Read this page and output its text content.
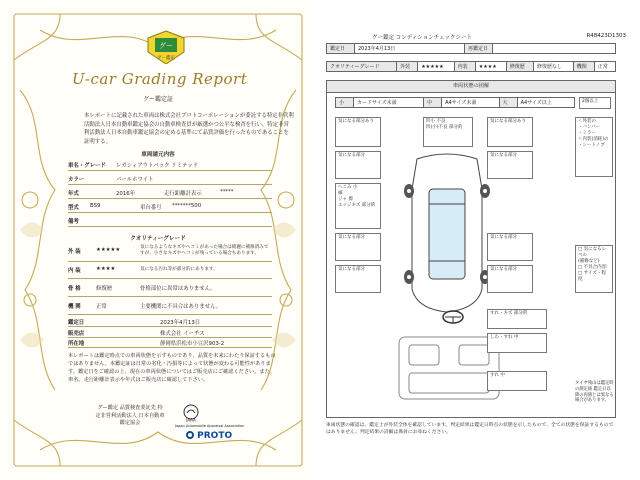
グー
グー鑑定
U-car Grading Report
グー鑑定証
本レポートに記載された車両は株式会社プロトコーポレーションが委託する特定非営利活動法人日本自動車鑑定協会の自動車検査員が厳選かつ公平な検査を行い、特定非営利活動法人日本自動車鑑定協会の定める基準にて品質評価を行ったものであることを証明する。
車両請元内容
車名・グレード レガシィアウトバック リミテッド
カラー	パールホワイト
年式	2016年	走行距離計表示	*****
型式 BS9	車台番号 *******500
備考
クオリティーグレード
外 装	★★★★★	気になるようなキズやヘコミがあった場合は綺麗に補修済みですが、小さなキズやヘコミが残っている場合もあります。
内 装	★★★★	気になる汚れ等が部分的にあります。
骨 格	修復歴	骨格部位に異常はありません。
機 関	正常	主要機関に不具合はありません。
鑑定日	2023年4月13日
販売店	株式会社 イーチス
所在地	静岡県浜松市小豆沢903-2
本レポートは鑑定時点での車両状態を示すものであり、品質を未来にわたり保証するものではありません。本鑑定証は日常の劣化・汚損等によって状態が変わる可能性があります。鑑定日をご確認の上、現在の車両状態についてはご販売店にご確認ください。また、車名、走行距離計表示や年式はご販売店に確認して下さい。
グー鑑定 品質検査委託先 特定非営利活動法人 日本自動車鑑定協会	JAAA
Japan Automobile Appraisal Association
PROTO
グー鑑定 コンディションチェックシート	R48423D1303
鑑定日	2023年4月13日	再鑑定日	
クオリティーグレード	外装	★★★★★	内装	★★★★	修復歴	修復歴なし	機関	正常
車両状態の図解
小	カードサイズ未満	中	A4サイズ未満	大	A4サイズ以上	2個以上
気になる部分あり	凹小 不良
凹(小)不良 部分的
気になる部分あり	＜外装の
・バンパー
・ミラー
＜内装(消耗)の
・シートノブ
気になる部分	気になる部分
へこみ 小
細
ジャ 擦
エッジキズ 部分的
気になる部分	気になる部分
気になる部分	気になる部分
□ 気になるレベル
(補修など)
□ 不具合内容:
□ サイズ・程度
すれ・キズ 部分的
しわ・すれ 中
すれ 中
タイヤ残山は鑑定時の測定値 鑑定日以降の再値とは異なる場合があります。
車両状態の確認は、鑑定士が外装全体を確認しています。判定結果は鑑定日時点の状態を示したもので、全ての状態を保証するものではありません。判定結果の詳細は係員にお尋ねください。
